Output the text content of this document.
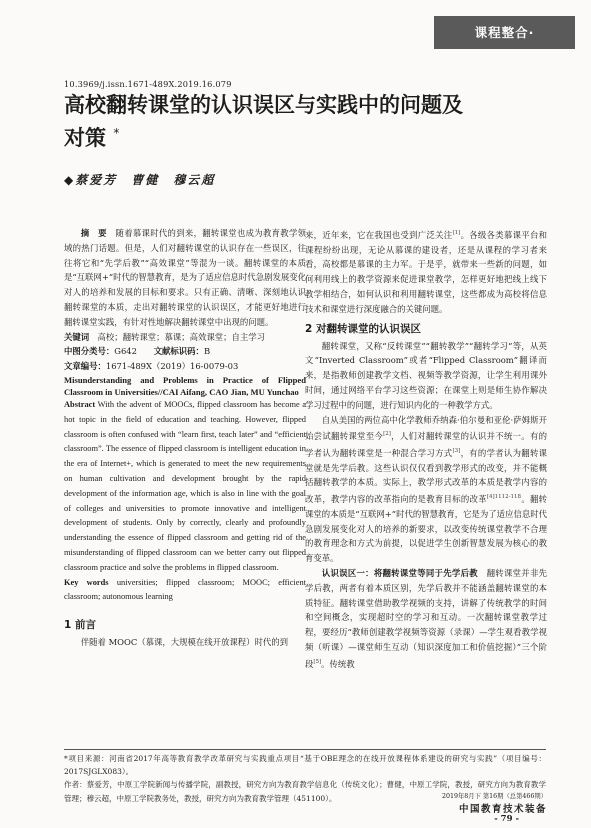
课程整合·
10.3969/j.issn.1671-489X.2019.16.079
高校翻转课堂的认识误区与实践中的问题及对策 *
◆蔡爱芳 曹健 穆云超

摘　要　 随着慕课时代的到来，翻转课堂也成为教育教学领域的热门话题。但是，人们对翻转课堂的认识存在一些误区，往往将它和“先学后教”“高效课堂”等混为一谈。翻转课堂的本质是“互联网+”时代的智慧教育，是为了适应信息时代急剧发展变化对人的培养和发展的目标和要求。只有正确、清晰、深刻地认识翻转课堂的本质，走出对翻转课堂的认识误区，才能更好地进行翻转课堂实践，有针对性地解决翻转课堂中出现的问题。

关键词　 高校；翻转课堂；慕课；高效课堂；自主学习

中图分类号：G642　　 文献标识码：B

文章编号：1671-489X（2019）16-0079-03

Misunderstanding and Problems in Practice of Flipped Classroom in Universities//CAI Aifang, CAO Jian, MU Yunchao

Abstract With the advent of MOOCs, flipped classroom has become a hot topic in the field of education and teaching. However, flipped classroom is often confused with “learn first, teach later” and “efficient classroom”. The essence of flipped classroom is intelligent education in the era of Internet+, which is generated to meet the new requirements on human cultivation and development brought by the rapid development of the information age, which is also in line with the goal of colleges and universities to promote innovative and intelligent development of students. Only by correctly, clearly and profoundly understanding the essence of flipped classroom and getting rid of the misunderstanding of flipped classroom can we better carry out flipped classroom practice and solve the problems in flipped classroom.

Key words universities; flipped classroom; MOOC; efficient classroom; autonomous learning

1 前言

伴随着 MOOC（慕课，大规模在线开放课程）时代的到

来，近年来，它在我国也受到广泛关注[1]。各级各类慕课平台和课程纷纷出现，无论从慕课的建设者，还是从课程的学习者来看，高校都是慕课的主力军。于是乎，就带来一些新的问题，如何利用线上的教学资源来促进课堂教学，怎样更好地把线上线下教学相结合，如何认识和利用翻转课堂，这些都成为高校将信息技术和课堂进行深度融合的关键问题。

2 对翻转课堂的认识误区

翻转课堂，又称“反转课堂”“翻转教学”“翻转学习”等，从英文“Inverted Classroom”或者“Flipped Classroom”翻译而来，是指教师创建教学文档、视频等教学资源，让学生利用课外时间，通过网络平台学习这些资源；在课堂上则是师生协作解决学习过程中的问题，进行知识内化的一种教学方式。

自从美国的两位高中化学教师乔纳森·伯尔曼和亚伦·萨姆斯开始尝试翻转课堂至今[2]，人们对翻转课堂的认识并不统一。有的学者认为翻转课堂是一种混合学习方式[3]，有的学者认为翻转课堂就是先学后教。这些认识仅仅看到教学形式的改变，并不能概括翻转教学的本质。实际上，教学形式改革的本质是教学内容的改革，教学内容的改革指向的是教育目标的改革$^{[4]1112-118}$。翻转课堂的本质是“互联网+”时代的智慧教育，它是为了适应信息时代急剧发展变化对人的培养的新要求，以改变传统课堂教学不合理的教育理念和方式为前提，以促进学生创新智慧发展为核心的教育变革。

认识误区一：将翻转课堂等同于先学后教　翻转课堂并非先学后教，两者有着本质区别，先学后教并不能涵盖翻转课堂的本质特征。翻转课堂借助教学视频的支持，讲解了传统教学的时间和空间概念，实现超时空的学习和互动。一次翻转课堂教学过程，要经历“教师创建教学视频等资源（录课）—学生观看教学视频（听课）—课堂师生互动（知识深度加工和价值挖掘）”三个阶段[5]。传统教

*项目来源：河南省2017年高等教育教学改革研究与实践重点项目“基于OBE理念的在线开放课程体系建设的研究与实践”（项目编号：2017SJGLX083）。

作者：蔡爱芳，中原工学院新闻与传播学院，副教授，研究方向为教育教学信息化（传统文化）；曹健，中原工学院，教授，研究方向为教育教学管理；穆云超，中原工学院教务处，教授，研究方向为教育教学管理（451100）。	2019年8月下 第16期（总第466期）
中国教育技术装备
- 79 -
